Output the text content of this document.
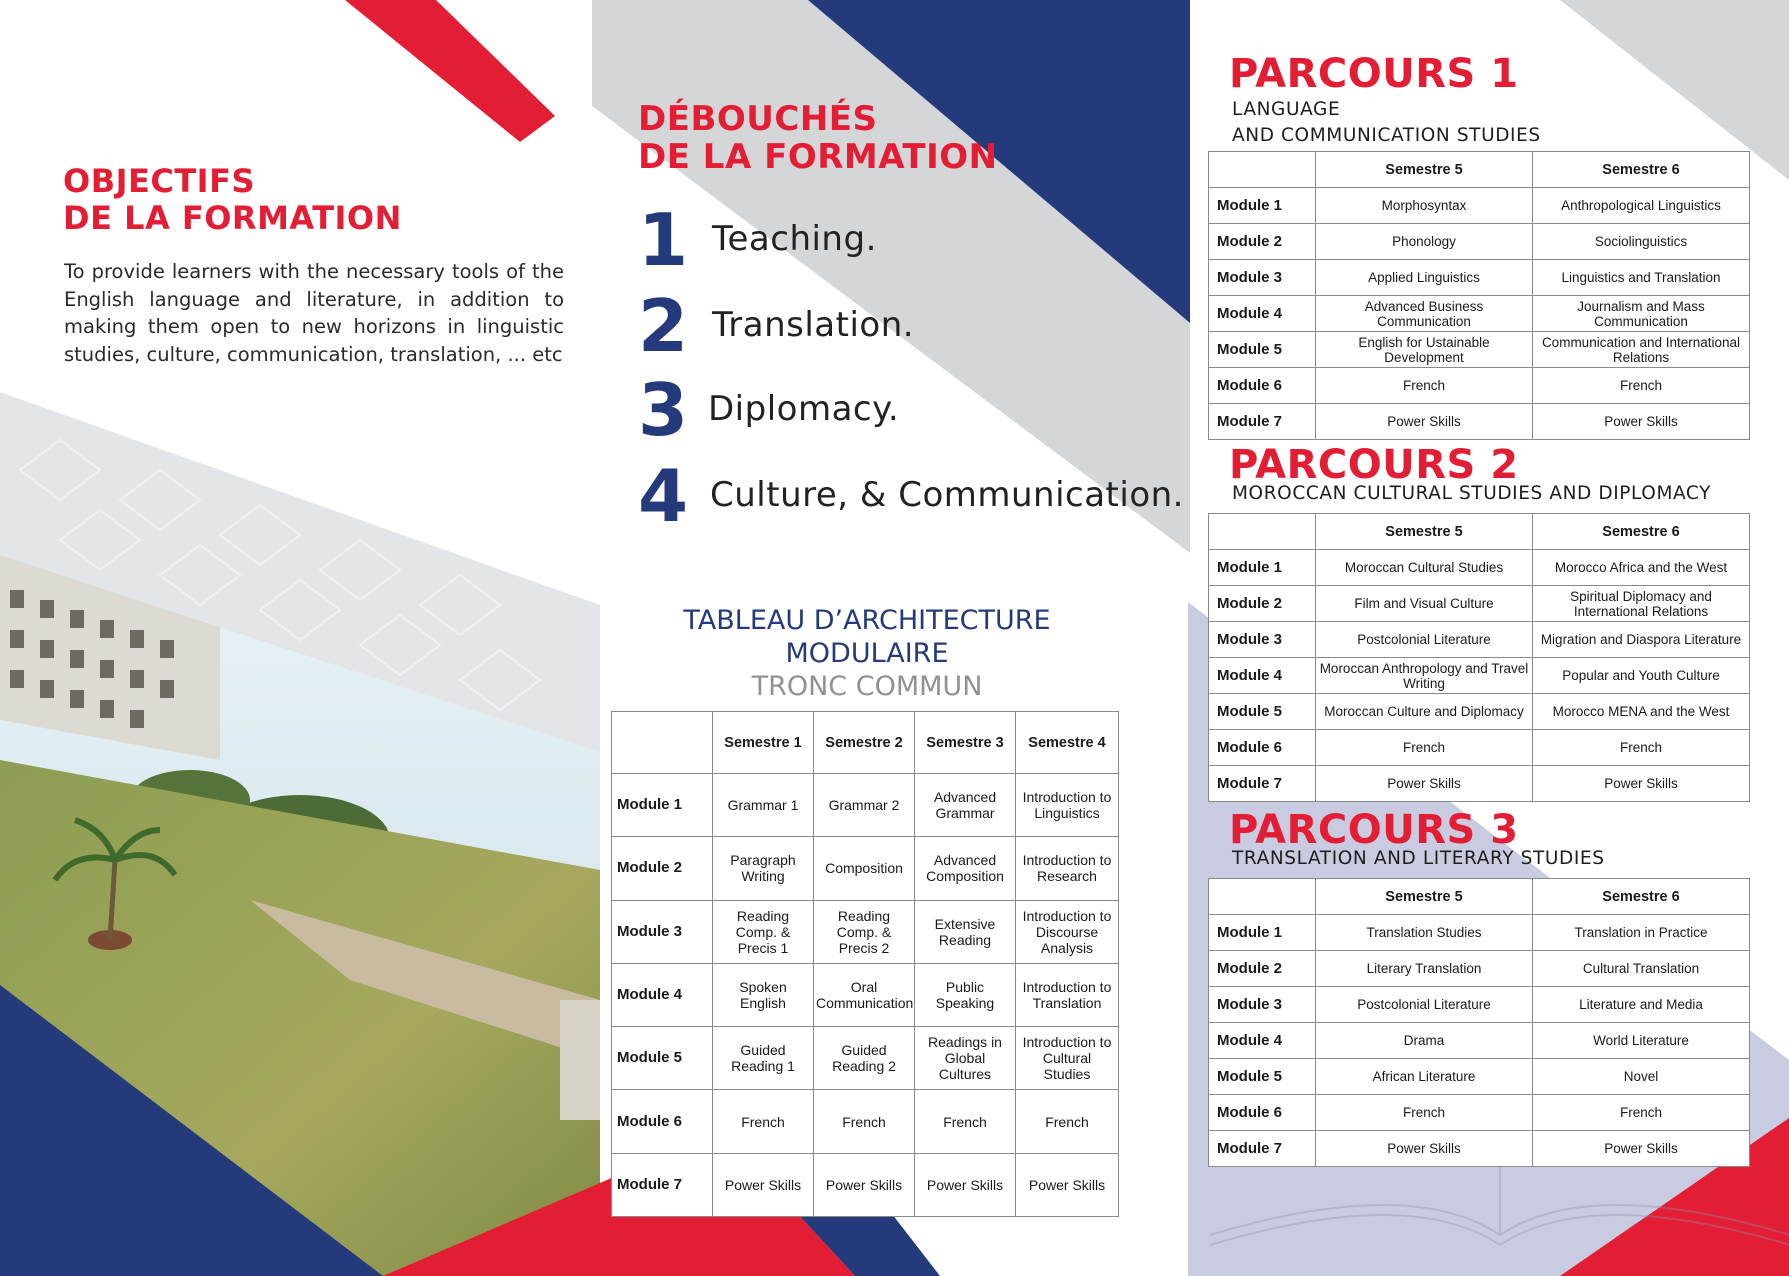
OBJECTIFS
DE LA FORMATION

To provide learners with the necessary tools of the English language and literature, in addition to making them open to new horizons in linguistic studies, culture, communication, translation, ... etc

DÉBOUCHÉS
DE LA FORMATION
1 Teaching.
2 Translation.
3 Diplomacy.
4 Culture, & Communication.
TABLEAU D’ARCHITECTURE
MODULAIRE
TRONC COMMUN
	Semestre 1	Semestre 2	Semestre 3	Semestre 4
Module 1	Grammar 1	Grammar 2	Advanced Grammar	Introduction to Linguistics
Module 2	Paragraph Writing	Composition	Advanced Composition	Introduction to Research
Module 3	Reading Comp. & Precis 1	Reading Comp. & Precis 2	Extensive Reading	Introduction to Discourse Analysis
Module 4	Spoken English	Oral Communication	Public Speaking	Introduction to Translation
Module 5	Guided Reading 1	Guided Reading 2	Readings in Global Cultures	Introduction to Cultural Studies
Module 6	French	French	French	French
Module 7	Power Skills	Power Skills	Power Skills	Power Skills
PARCOURS 1

LANGUAGE
AND COMMUNICATION STUDIES

	Semestre 5	Semestre 6
Module 1	Morphosyntax	Anthropological Linguistics
Module 2	Phonology	Sociolinguistics
Module 3	Applied Linguistics	Linguistics and Translation
Module 4	Advanced Business Communication	Journalism and Mass Communication
Module 5	English for Ustainable Development	Communication and International Relations
Module 6	French	French
Module 7	Power Skills	Power Skills
PARCOURS 2

MOROCCAN CULTURAL STUDIES AND DIPLOMACY

	Semestre 5	Semestre 6
Module 1	Moroccan Cultural Studies	Morocco Africa and the West
Module 2	Film and Visual Culture	Spiritual Diplomacy and International Relations
Module 3	Postcolonial Literature	Migration and Diaspora Literature
Module 4	Moroccan Anthropology and Travel Writing	Popular and Youth Culture
Module 5	Moroccan Culture and Diplomacy	Morocco MENA and the West
Module 6	French	French
Module 7	Power Skills	Power Skills
PARCOURS 3

TRANSLATION AND LITERARY STUDIES

	Semestre 5	Semestre 6
Module 1	Translation Studies	Translation in Practice
Module 2	Literary Translation	Cultural Translation
Module 3	Postcolonial Literature	Literature and Media
Module 4	Drama	World Literature
Module 5	African Literature	Novel
Module 6	French	French
Module 7	Power Skills	Power Skills
